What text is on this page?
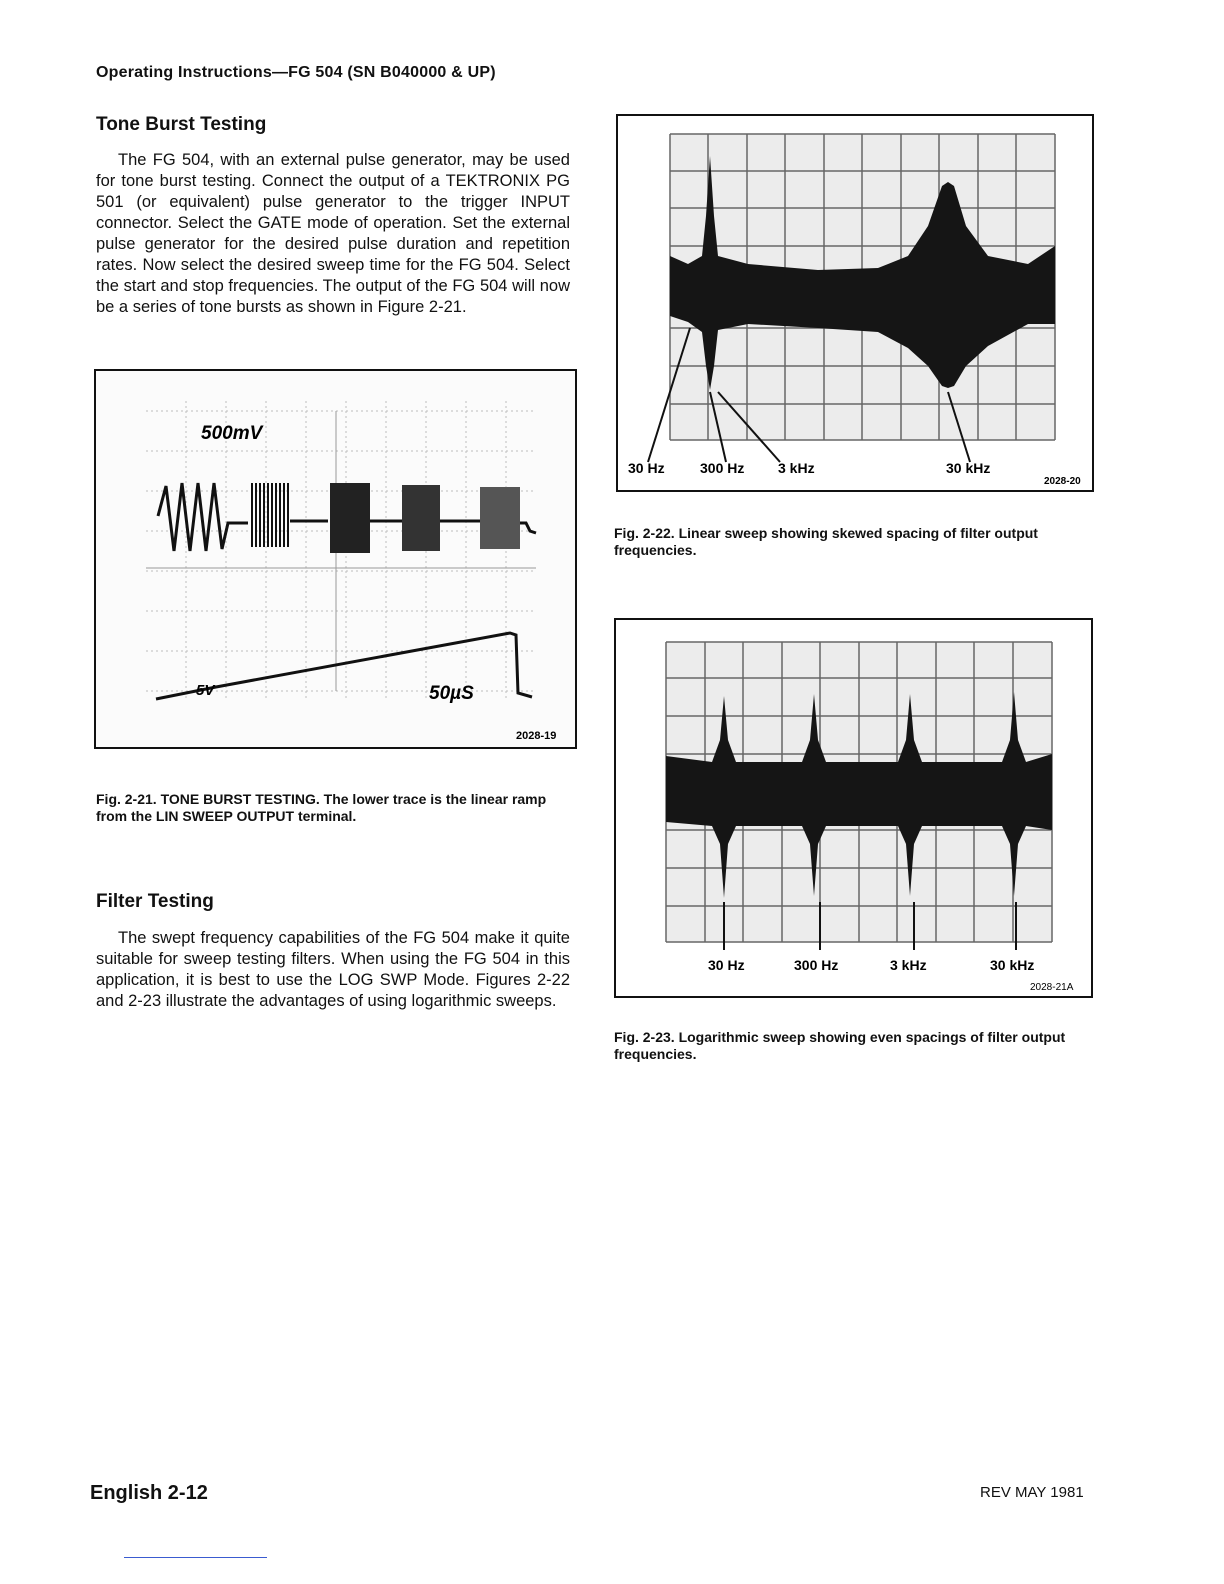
Operating Instructions—FG 504 (SN B040000 & UP)
Tone Burst Testing

The FG 504, with an external pulse generator, may be used for tone burst testing. Connect the output of a TEKTRONIX PG 501 (or equivalent) pulse generator to the trigger INPUT connector. Select the GATE mode of operation. Set the external pulse generator for the desired pulse duration and repetition rates. Now select the desired sweep time for the FG 504. Select the start and stop frequencies. The output of the FG 504 will now be a series of tone bursts as shown in Figure 2-21.

500mV
50µS
5V
2028-19
Fig. 2-21. TONE BURST TESTING. The lower trace is the linear ramp from the LIN SWEEP OUTPUT terminal.
Filter Testing

The swept frequency capabilities of the FG 504 make it quite suitable for sweep testing filters. When using the FG 504 in this application, it is best to use the LOG SWP Mode. Figures 2-22 and 2-23 illustrate the advantages of using logarithmic sweeps.

30 Hz	300 Hz 3 kHz	30 kHz
2028-20
Fig. 2-22. Linear sweep showing skewed spacing of filter output frequencies.
30 Hz	300 Hz	3 kHz	30 kHz
2028-21A
Fig. 2-23. Logarithmic sweep showing even spacings of filter output frequencies.
English 2-12	REV MAY 1981
